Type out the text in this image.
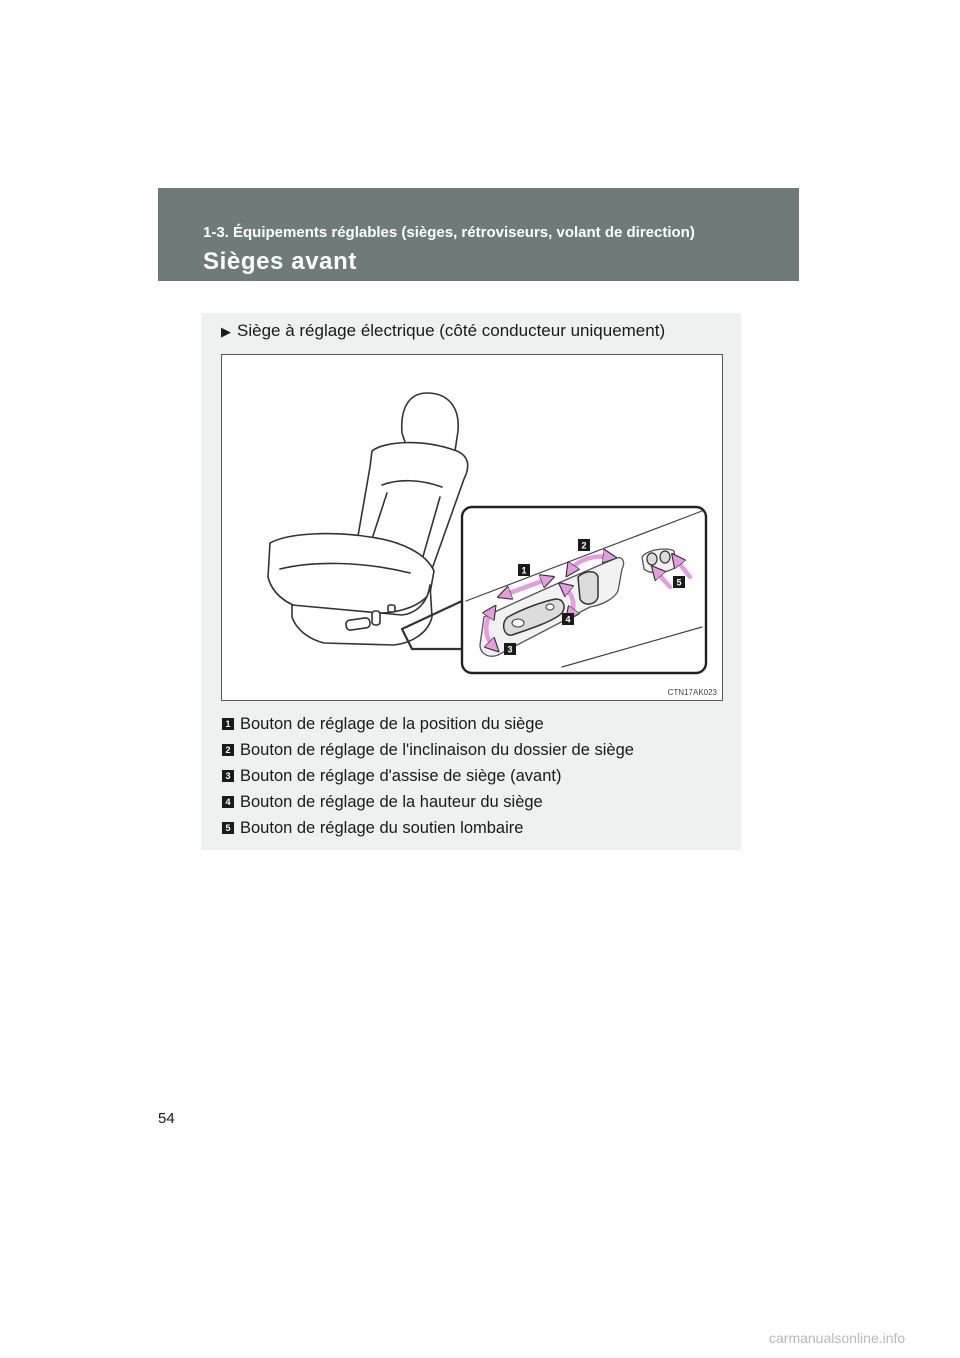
1-3. Équipements réglables (sièges, rétroviseurs, volant de direction)
Sièges avant
▶ Siège à réglage électrique (côté conducteur uniquement)
1
2
3
4
5
CTN17AK023
1 Bouton de réglage de la position du siège
2 Bouton de réglage de l'inclinaison du dossier de siège
3 Bouton de réglage d'assise de siège (avant)
4 Bouton de réglage de la hauteur du siège
5 Bouton de réglage du soutien lombaire
54
carmanualsonline.info
